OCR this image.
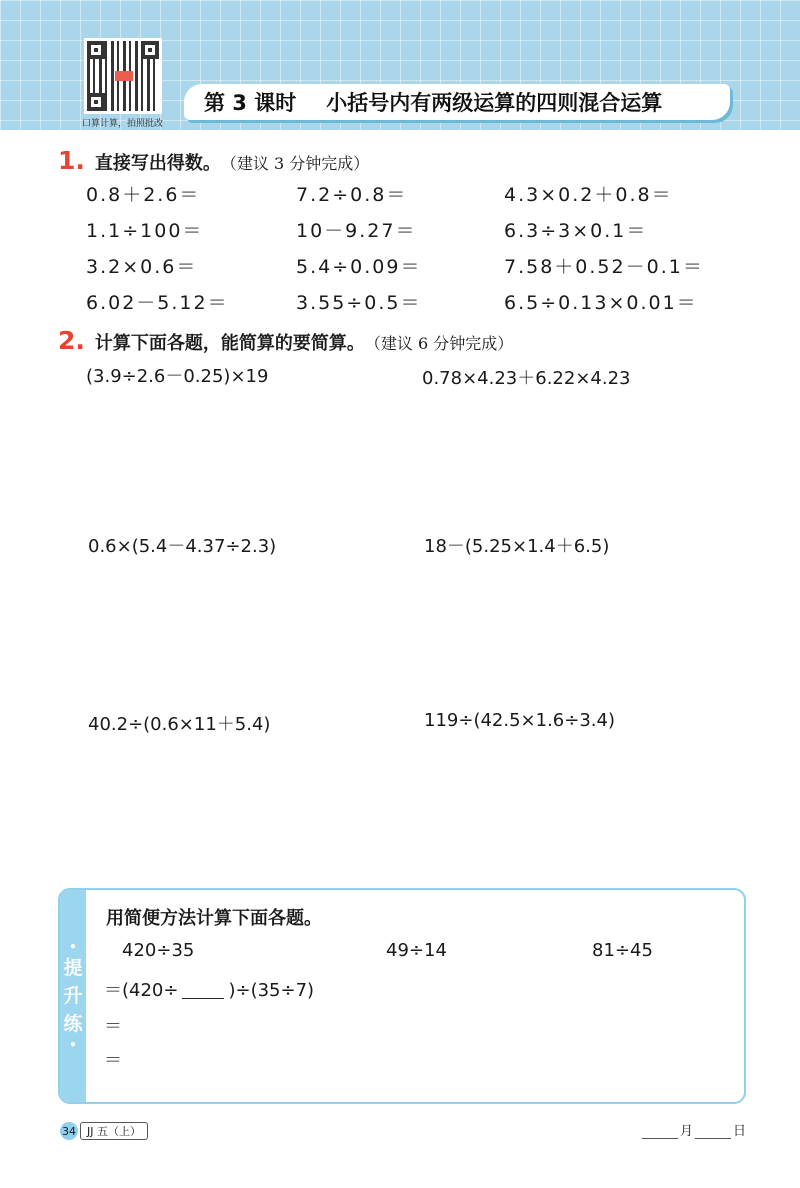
口算计算，拍照批改
第 3 课时 小括号内有两级运算的四则混合运算
1. 直接写出得数。 （建议 3 分钟完成）
0.8＋2.6＝	7.2÷0.8＝	4.3×0.2＋0.8＝
1.1÷100＝	10－9.27＝	6.3÷3×0.1＝
3.2×0.6＝	5.4÷0.09＝	7.58＋0.52－0.1＝
6.02－5.12＝	3.55÷0.5＝	6.5÷0.13×0.01＝
2. 计算下面各题，能简算的要简算。 （建议 6 分钟完成）
(3.9÷2.6－0.25)×19	0.78×4.23＋6.22×4.23
0.6×(5.4－4.37÷2.3)	18－(5.25×1.4＋6.5)
40.2÷(0.6×11＋5.4)	119÷(42.5×1.6÷3.4)
•
提
升
练
•
用简便方法计算下面各题。
420÷35	49÷14	81÷45
＝(420÷	)÷(35÷7)
＝
＝
34	JJ 五（上）	月	日
